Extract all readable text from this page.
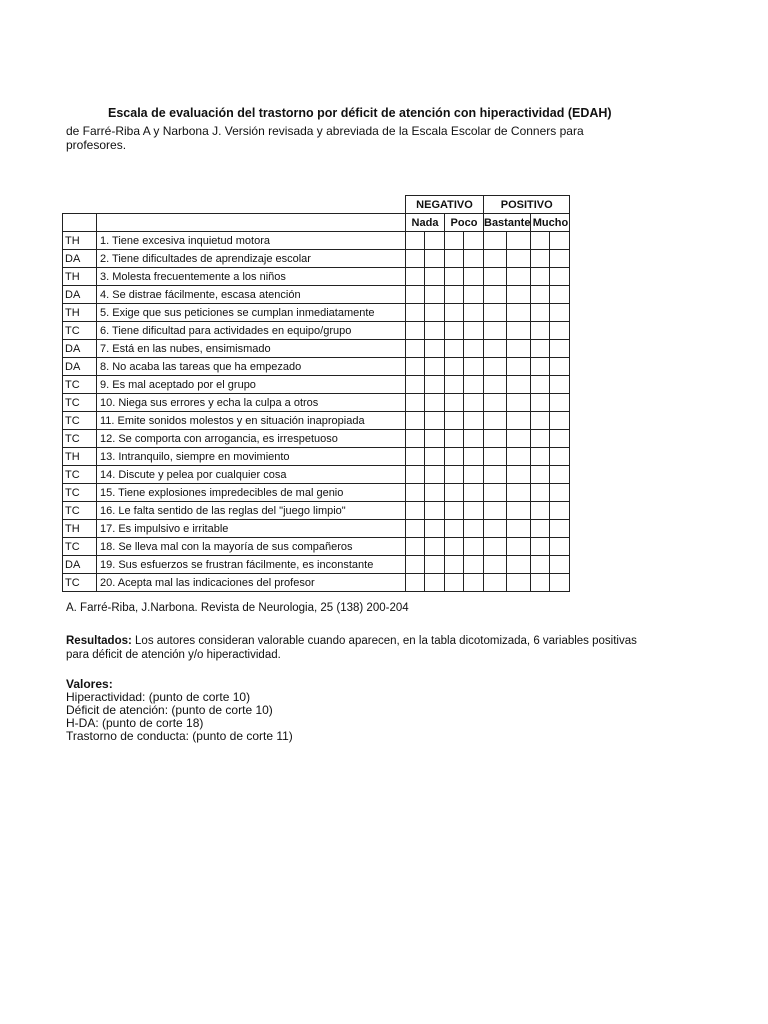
Escala de evaluación del trastorno por déficit de atención con hiperactividad (EDAH)
de Farré-Riba A y Narbona J. Versión revisada y abreviada de la Escala Escolar de Conners para profesores.
		NEGATIVO				POSITIVO			
		Nada		Poco		Bastante		Mucho	
TH	1. Tiene excesiva inquietud motora								
DA	2. Tiene dificultades de aprendizaje escolar								
TH	3. Molesta frecuentemente a los niños								
DA	4. Se distrae fácilmente, escasa atención								
TH	5. Exige que sus peticiones se cumplan inmediatamente								
TC	6. Tiene dificultad para actividades en equipo/grupo								
DA	7. Está en las nubes, ensimismado								
DA	8. No acaba las tareas que ha empezado								
TC	9. Es mal aceptado por el grupo								
TC	10. Niega sus errores y echa la culpa a otros								
TC	11. Emite sonidos molestos y en situación inapropiada								
TC	12. Se comporta con arrogancia, es irrespetuoso								
TH	13. Intranquilo, siempre en movimiento								
TC	14. Discute y pelea por cualquier cosa								
TC	15. Tiene explosiones impredecibles de mal genio								
TC	16. Le falta sentido de las reglas del "juego limpio"								
TH	17. Es impulsivo e irritable								
TC	18. Se lleva mal con la mayoría de sus compañeros								
DA	19. Sus esfuerzos se frustran fácilmente, es inconstante								
TC	20. Acepta mal las indicaciones del profesor								
A. Farré-Riba, J.Narbona. Revista de Neurologia, 25 (138) 200-204
Resultados: Los autores consideran valorable cuando aparecen, en la tabla dicotomizada, 6 variables positivas para déficit de atención y/o hiperactividad.
Valores:
Hiperactividad: (punto de corte 10)
Déficit de atención: (punto de corte 10)
H-DA: (punto de corte 18)
Trastorno de conducta: (punto de corte 11)
